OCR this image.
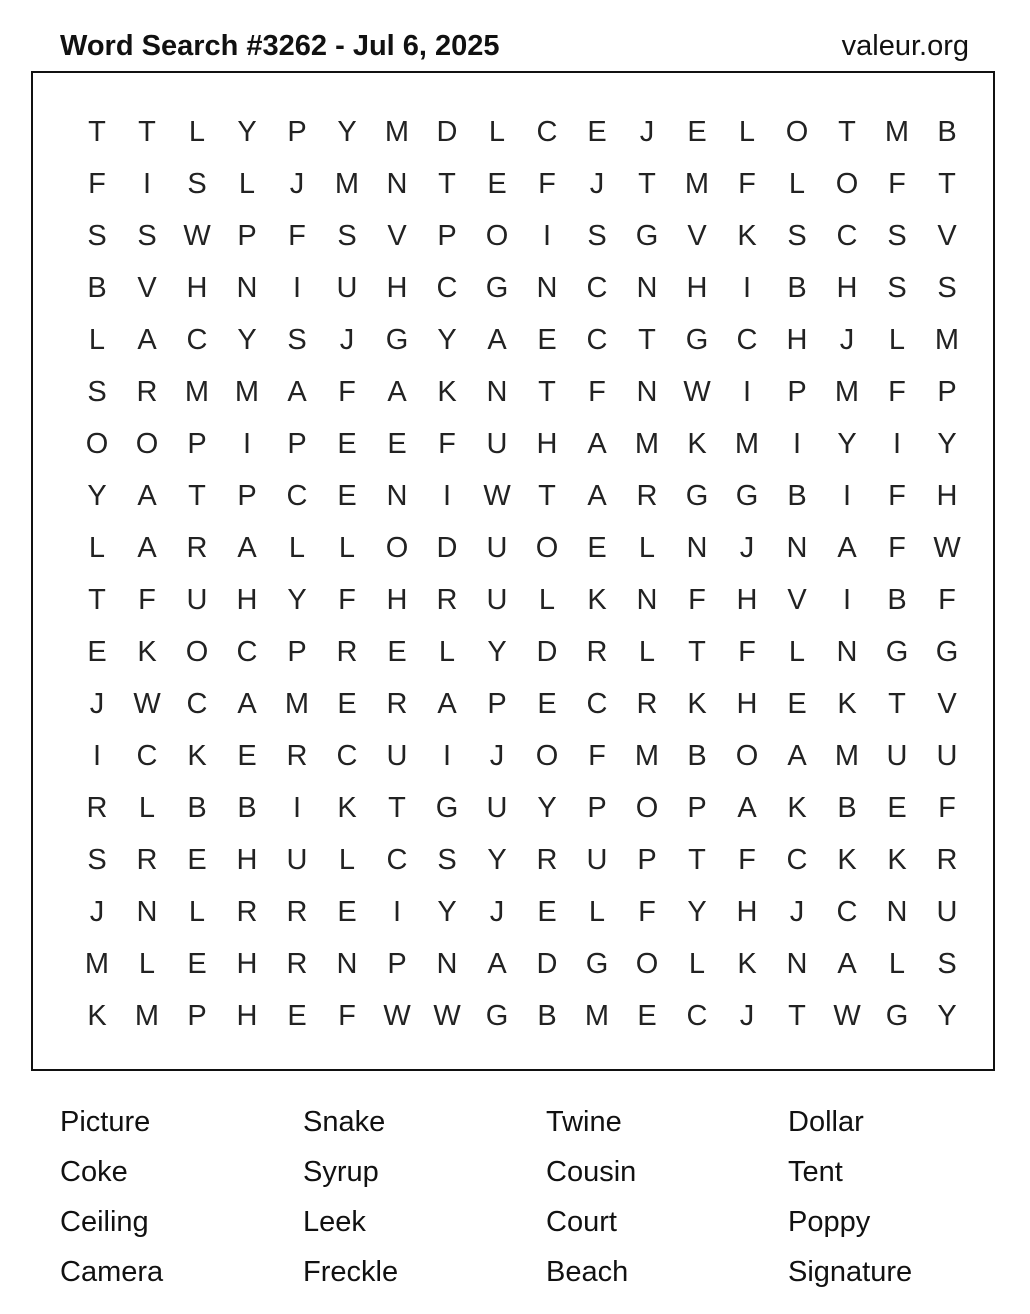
Word Search #3262 - Jul 6, 2025	valeur.org
T	T	L	Y	P	Y M D	L	C	E	J	E	L	O	T	M B
F	I	S	L	J	M N	T	E	F	J	T	M	F	L	O	F	T
S	S W P	F	S	V	P	O	I	S	G	V	K	S	C	S	V
B	V	H	N	I	U	H	C G N	C	N	H	I	B	H	S	S
L	A	C	Y	S	J	G	Y	A	E	C	T	G C	H	J	L	M
S	R M M A	F	A	K	N	T	F	N W	I	P M	F	P
O O	P	I	P	E	E	F	U	H	A M K M	I	Y	I	Y
Y	A	T	P	C	E	N	I	W T	A	R G G	B	I	F	H
L	A	R	A	L	L	O D	U O	E	L	N	J	N	A	F W
T	F	U	H	Y	F	H	R	U	L	K	N	F	H	V	I	B	F
E	K	O C	P	R	E	L	Y	D	R	L	T	F	L	N G G
J	W C	A M E	R	A	P	E	C	R	K	H	E	K	T	V
I	C	K	E	R	C	U	I	J	O	F	M B	O	A M U	U
R	L	B	B	I	K	T	G U	Y	P	O	P	A	K	B	E	F
S	R	E	H	U	L	C	S	Y	R	U	P	T	F	C	K	K	R
J	N	L	R	R	E	I	Y	J	E	L	F	Y	H	J	C	N	U
M	L	E	H	R	N	P	N	A	D G O	L	K	N	A	L	S
K M P	H	E	F W W G	B M E	C	J	T W G	Y
Picture	Snake	Twine	Dollar
Coke	Syrup	Cousin	Tent
Ceiling	Leek	Court	Poppy
Camera	Freckle	Beach	Signature
